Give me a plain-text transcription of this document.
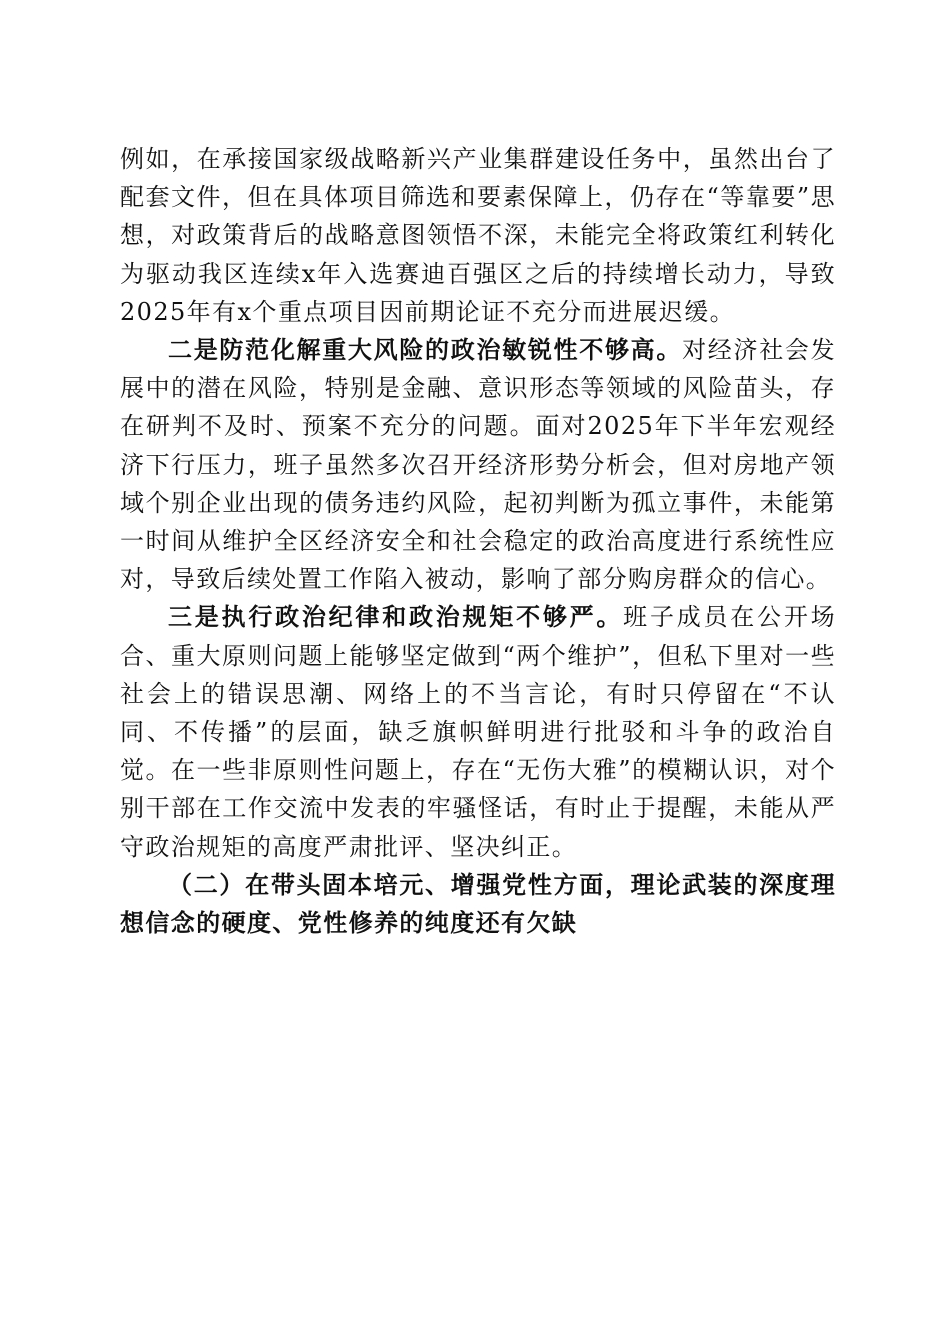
例如，在承接国家级战略新兴产业集群建设任务中，虽然出台了配套文件，但在具体项目筛选和要素保障上，仍存在“等靠要”思想，对政策背后的战略意图领悟不深，未能完全将政策红利转化为驱动我区连续x年入选赛迪百强区之后的持续增长动力，导致2025年有x个重点项目因前期论证不充分而进展迟缓。

二是防范化解重大风险的政治敏锐性不够高。对经济社会发展中的潜在风险，特别是金融、意识形态等领域的风险苗头，存在研判不及时、预案不充分的问题。面对2025年下半年宏观经济下行压力，班子虽然多次召开经济形势分析会，但对房地产领域个别企业出现的债务违约风险，起初判断为孤立事件，未能第一时间从维护全区经济安全和社会稳定的政治高度进行系统性应对，导致后续处置工作陷入被动，影响了部分购房群众的信心。

三是执行政治纪律和政治规矩不够严。班子成员在公开场合、重大原则问题上能够坚定做到“两个维护”，但私下里对一些社会上的错误思潮、网络上的不当言论，有时只停留在“不认同、不传播”的层面，缺乏旗帜鲜明进行批驳和斗争的政治自觉。在一些非原则性问题上，存在“无伤大雅”的模糊认识，对个别干部在工作交流中发表的牢骚怪话，有时止于提醒，未能从严守政治规矩的高度严肃批评、坚决纠正。

（二）在带头固本培元、增强党性方面，理论武装的深度理想信念的硬度、党性修养的纯度还有欠缺
